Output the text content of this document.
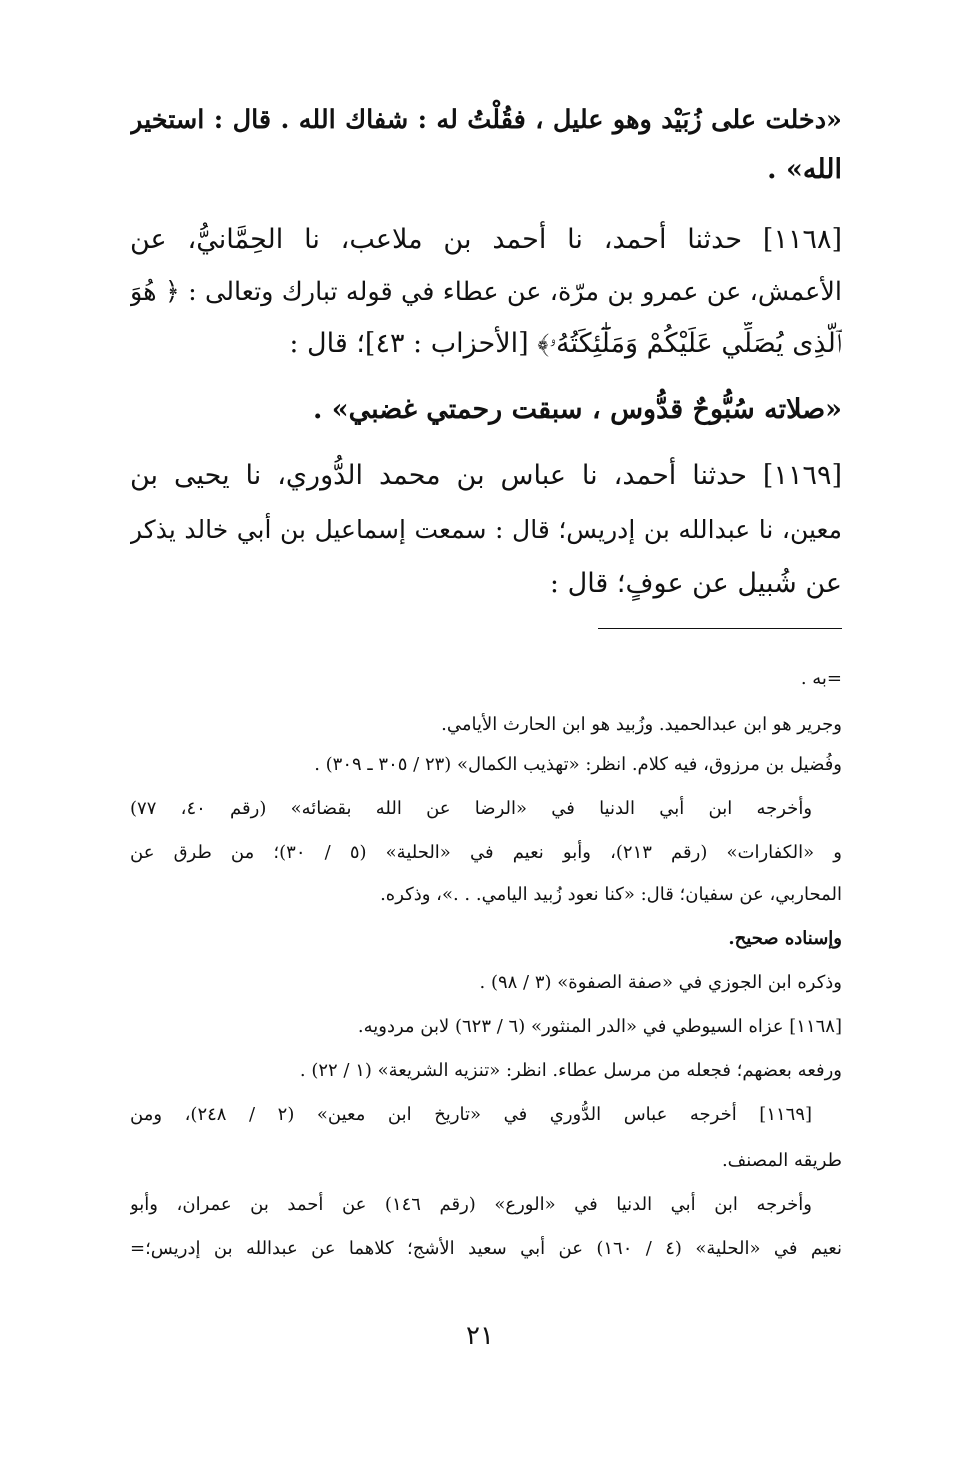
«دخلت على زُبَيْد وهو عليل ، فقُلْتُ له : شفاك الله . قال : استخير
الله» .
[١١٦٨] حدثنا أحمد، نا أحمد بن ملاعب، نا الحِمَّانيُّ، عن
الأعمش، عن عمرو بن مرّة، عن عطاء في قوله تبارك وتعالى : ﴿ هُوَ
ٱلَّذِى يُصَلِّي عَلَيْكُمْ وَمَلَٰٓئِكَتُهُۥ﴾ [الأحزاب : ٤٣]؛ قال :
«صلاته سُبُّوحٌ قدُّوس ، سبقت رحمتي غضبي» .
[١١٦٩] حدثنا أحمد، نا عباس بن محمد الدُّوري، نا يحيى بن
معين، نا عبدالله بن إدريس؛ قال : سمعت إسماعيل بن أبي خالد يذكر
عن شُبيل عن عوفٍ؛ قال :
=به .
وجرير هو ابن عبدالحميد. وزُبيد هو ابن الحارث الأيامي.
وفُضيل بن مرزوق، فيه كلام. انظر: «تهذيب الكمال» (٢٣ / ٣٠٥ ـ ٣٠٩) .
وأخرجه ابن أبي الدنيا في «الرضا عن الله بقضائه» (رقم ٤٠، ٧٧)
و «الكفارات» (رقم ٢١٣)، وأبو نعيم في «الحلية» (٥ / ٣٠)؛ من طرق عن
المحاربي، عن سفيان؛ قال: «كنا نعود زُبيد اليامي. . .»، وذكره.
وإسناده صحيح.
وذكره ابن الجوزي في «صفة الصفوة» (٣ / ٩٨) .
[١١٦٨] عزاه السيوطي في «الدر المنثور» (٦ / ٦٢٣) لابن مردويه.
ورفعه بعضهم؛ فجعله من مرسل عطاء. انظر: «تنزيه الشريعة» (١ / ٢٢) .
[١١٦٩] أخرجه عباس الدُّوري في «تاريخ ابن معين» (٢ / ٢٤٨)، ومن
طريقه المصنف.
وأخرجه ابن أبي الدنيا في «الورع» (رقم ١٤٦) عن أحمد بن عمران، وأبو
نعيم في «الحلية» (٤ / ١٦٠) عن أبي سعيد الأشج؛ كلاهما عن عبدالله بن إدريس؛=
٢١
